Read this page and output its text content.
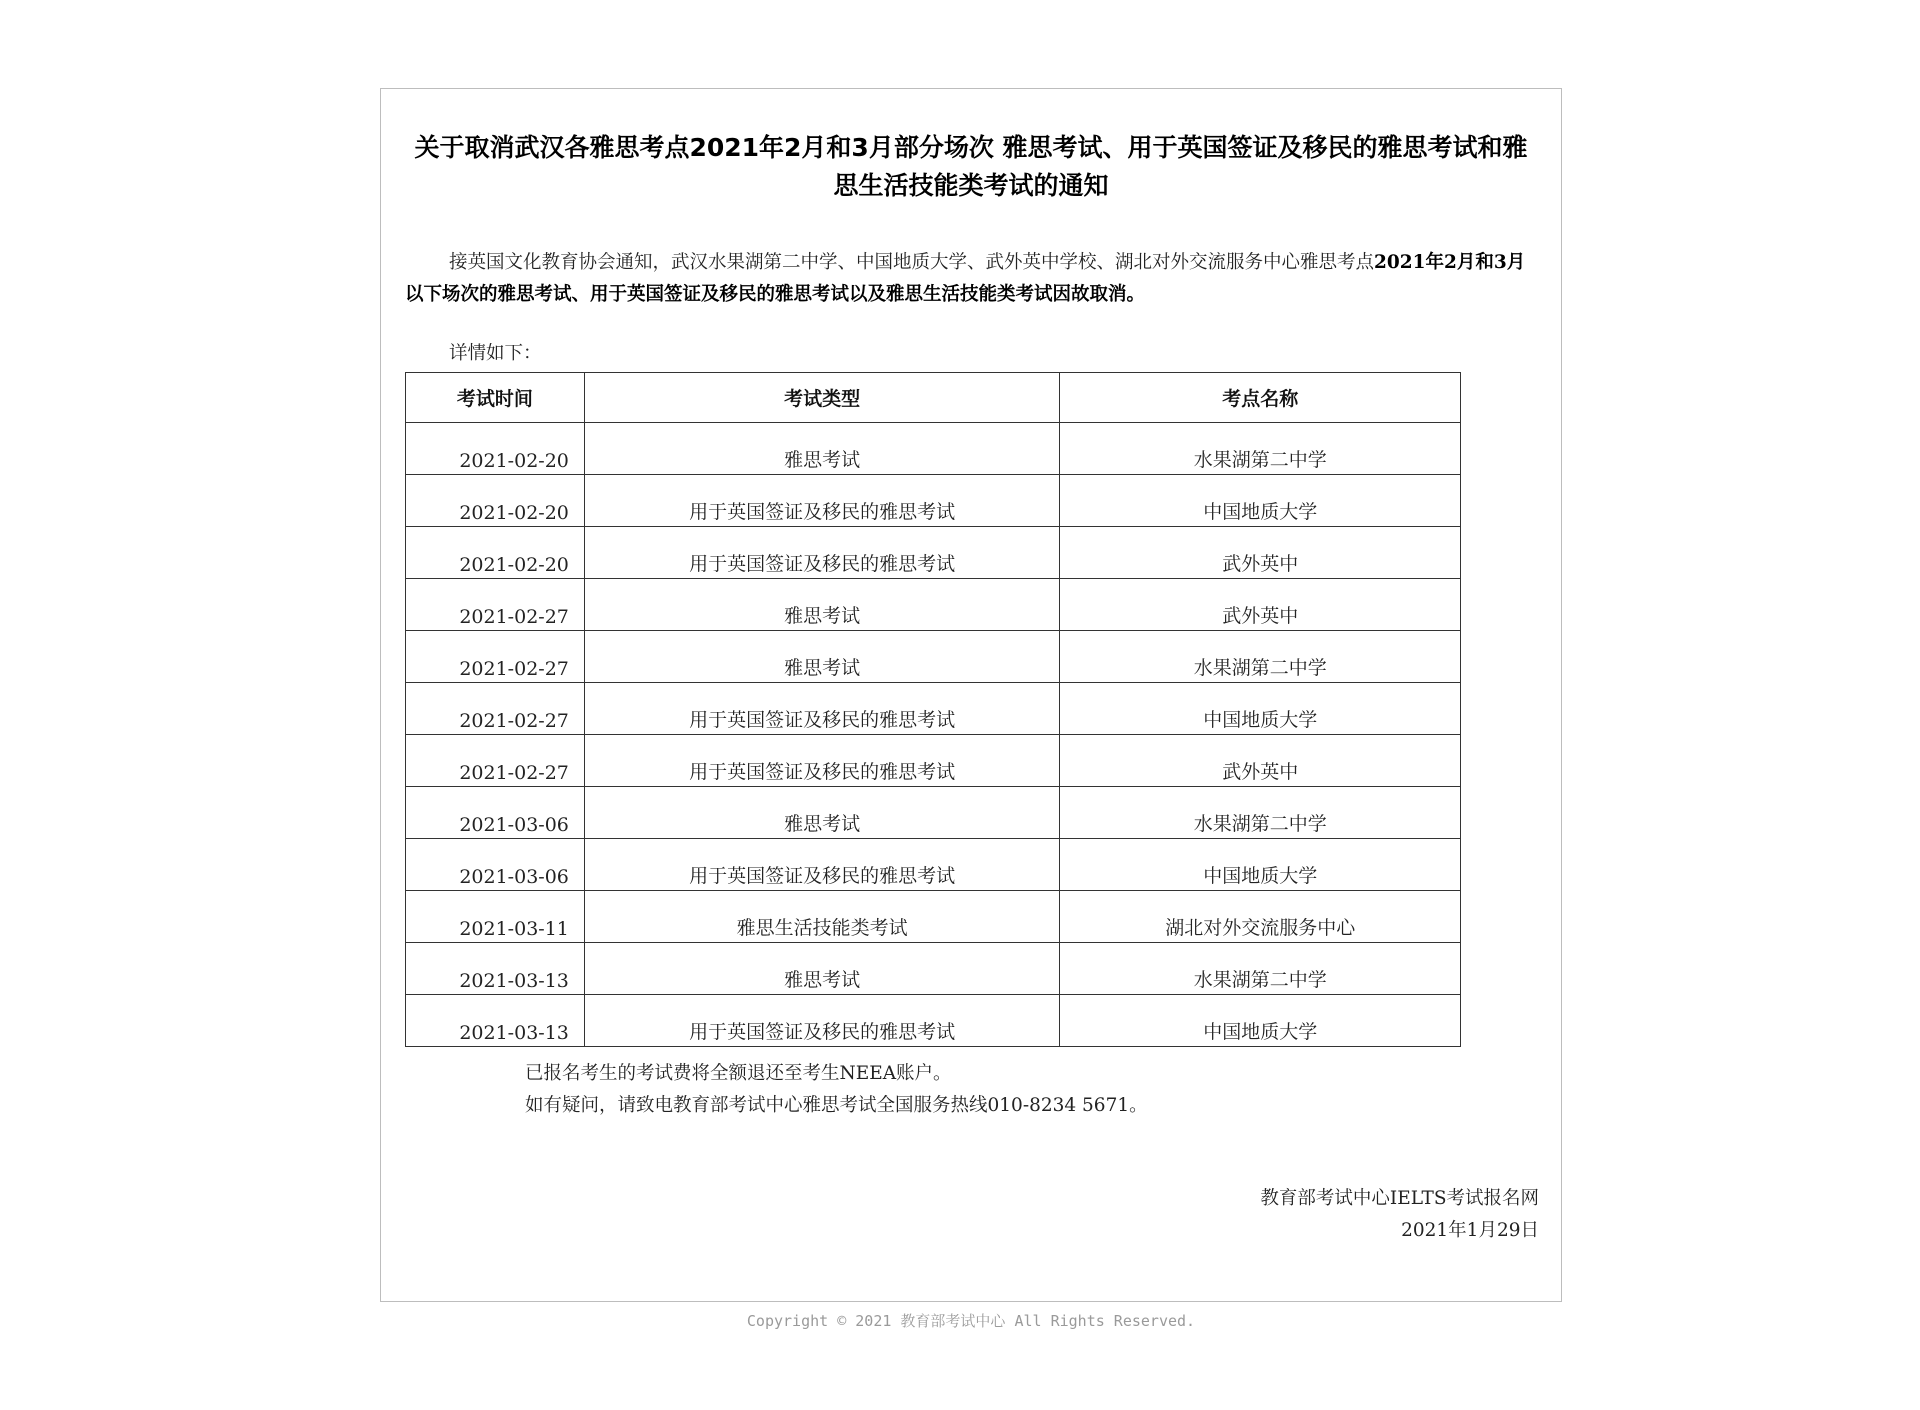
关于取消武汉各雅思考点2021年2月和3月部分场次 雅思考试、用于英国签证及移民的雅思考试和雅思生活技能类考试的通知

接英国文化教育协会通知，武汉水果湖第二中学、中国地质大学、武外英中学校、湖北对外交流服务中心雅思考点2021年2月和3月以下场次的雅思考试、用于英国签证及移民的雅思考试以及雅思生活技能类考试因故取消。

详情如下：

考试时间	考试类型	考点名称
2021-02-20	雅思考试	水果湖第二中学
2021-02-20	用于英国签证及移民的雅思考试	中国地质大学
2021-02-20	用于英国签证及移民的雅思考试	武外英中
2021-02-27	雅思考试	武外英中
2021-02-27	雅思考试	水果湖第二中学
2021-02-27	用于英国签证及移民的雅思考试	中国地质大学
2021-02-27	用于英国签证及移民的雅思考试	武外英中
2021-03-06	雅思考试	水果湖第二中学
2021-03-06	用于英国签证及移民的雅思考试	中国地质大学
2021-03-11	雅思生活技能类考试	湖北对外交流服务中心
2021-03-13	雅思考试	水果湖第二中学
2021-03-13	用于英国签证及移民的雅思考试	中国地质大学

已报名考生的考试费将全额退还至考生NEEA账户。
如有疑问，请致电教育部考试中心雅思考试全国服务热线010-8234 5671。

教育部考试中心IELTS考试报名网
2021年1月29日
Copyright © 2021 教育部考试中心 All Rights Reserved.
